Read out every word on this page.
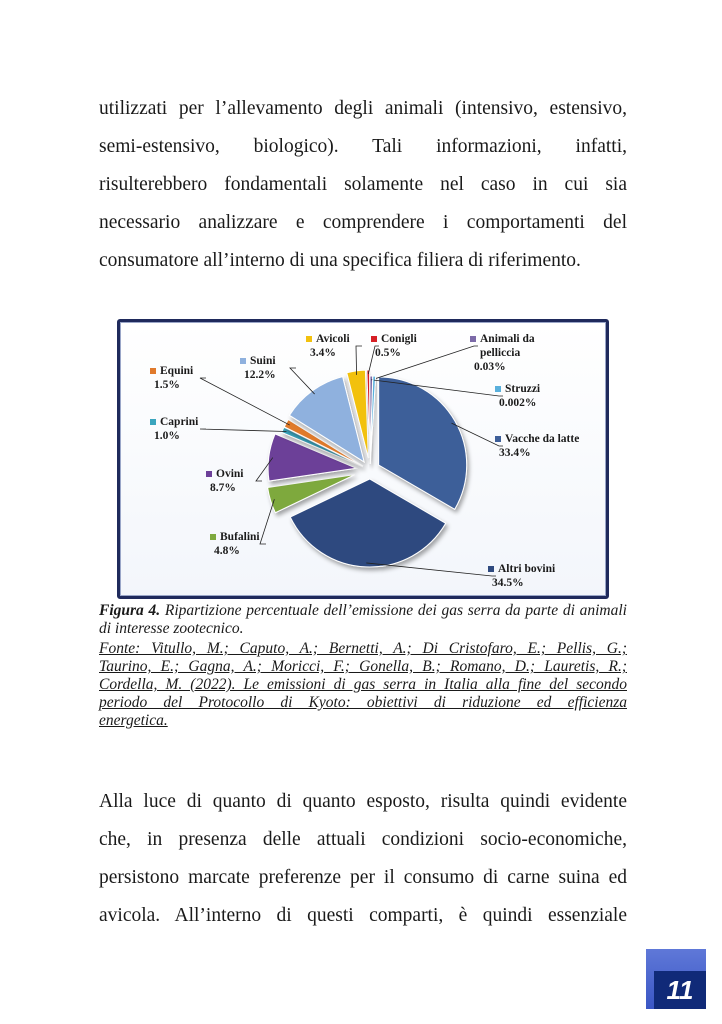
utilizzati per l’allevamento degli animali (intensivo, estensivo,
semi-estensivo, biologico). Tali informazioni, infatti,
risulterebbero fondamentali solamente nel caso in cui sia
necessario analizzare e comprendere i comportamenti del
consumatore all’interno di una specifica filiera di riferimento.
Vacche da latte
33.4%
Altri bovini
34.5%
Bufalini
4.8%
Ovini
8.7%
Caprini
1.0%
Equini
1.5%
Suini
12.2%
Avicoli
3.4%
Conigli
0.5%
Animali da
pelliccia
0.03%
Struzzi
0.002%

Figura 4. Ripartizione percentuale dell’emissione dei gas serra da parte di animali di interesse zootecnico.

Fonte: Vitullo, M.; Caputo, A.; Bernetti, A.; Di Cristofaro, E.; Pellis, G.;
Taurino, E.; Gagna, A.; Moricci, F.; Gonella, B.; Romano, D.; Lauretis, R.;
Cordella, M. (2022). Le emissioni di gas serra in Italia alla fine del secondo
periodo del Protocollo di Kyoto: obiettivi di riduzione ed efficienza
energetica.

Alla luce di quanto di quanto esposto, risulta quindi evidente
che, in presenza delle attuali condizioni socio-economiche,
persistono marcate preferenze per il consumo di carne suina ed
avicola. All’interno di questi comparti, è quindi essenziale
11
